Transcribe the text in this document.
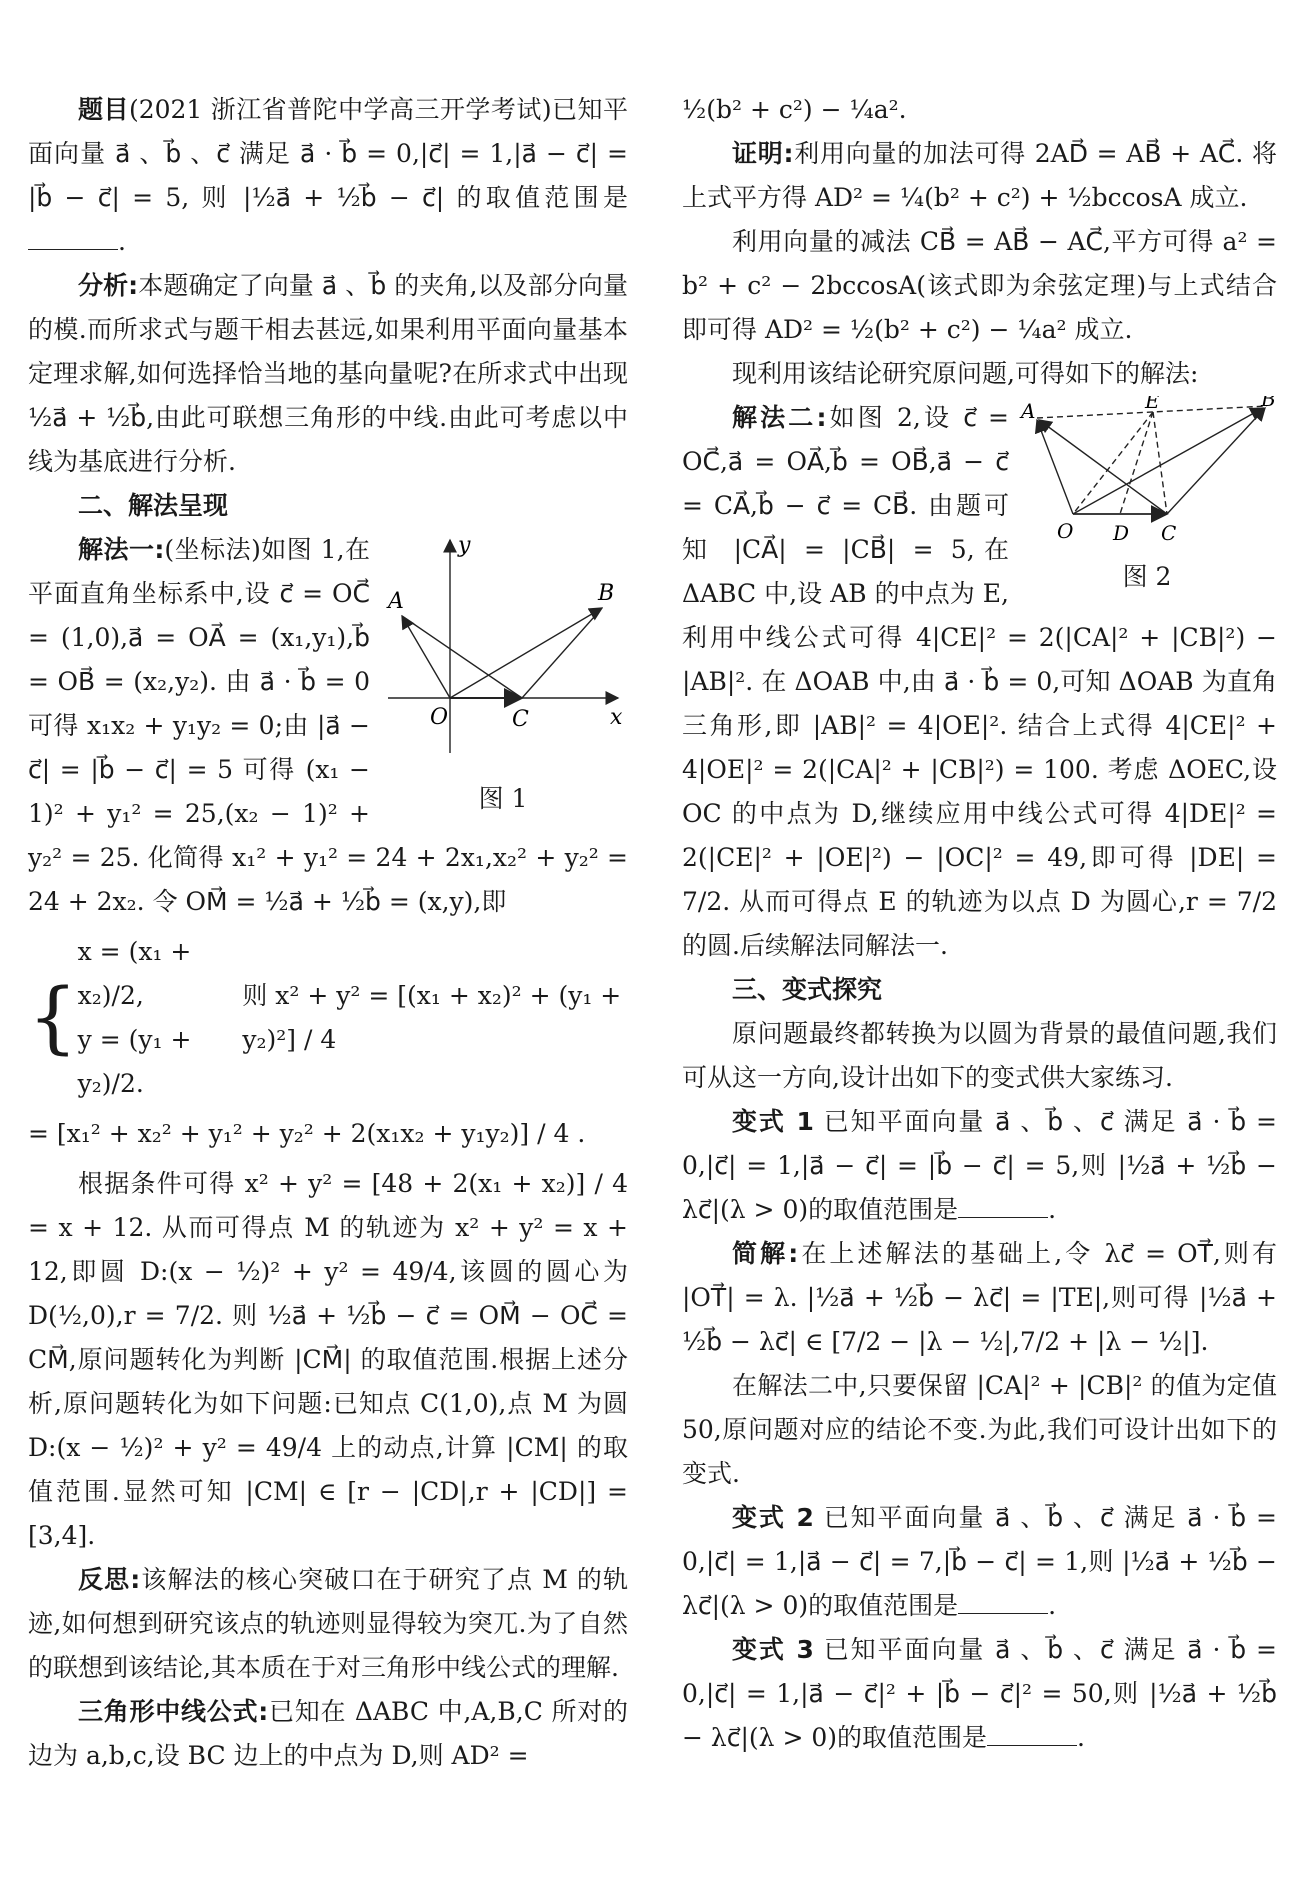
题目(2021 浙江省普陀中学高三开学考试)已知平面向量 a⃗ 、b⃗ 、c⃗ 满足 a⃗ · b⃗ = 0,|c⃗| = 1,|a⃗ − c⃗| = |b⃗ − c⃗| = 5, 则 |½a⃗ + ½b⃗ − c⃗| 的取值范围是.

分析:本题确定了向量 a⃗ 、b⃗ 的夹角,以及部分向量的模.而所求式与题干相去甚远,如果利用平面向量基本定理求解,如何选择恰当地的基向量呢?在所求式中出现 ½a⃗ + ½b⃗,由此可联想三角形的中线.由此可考虑以中线为基底进行分析.

二、解法呈现

y
x
A	B
O	C
图 1

解法一:(坐标法)如图 1,在平面直角坐标系中,设 c⃗ = OC⃗ = (1,0),a⃗ = OA⃗ = (x₁,y₁),b⃗ = OB⃗ = (x₂,y₂). 由 a⃗ · b⃗ = 0 可得 x₁x₂ + y₁y₂ = 0;由 |a⃗ − c⃗| = |b⃗ − c⃗| = 5 可得 (x₁ − 1)² + y₁² = 25,(x₂ − 1)² + y₂² = 25. 化简得 x₁² + y₁² = 24 + 2x₁,x₂² + y₂² = 24 + 2x₂. 令 OM⃗ = ½a⃗ + ½b⃗ = (x,y),即

{
x = (x₁ + x₂)/2,
y = (y₁ + y₂)/2.
则 x² + y² = [(x₁ + x₂)² + (y₁ + y₂)²] / 4

= [x₁² + x₂² + y₁² + y₂² + 2(x₁x₂ + y₁y₂)] / 4 .

根据条件可得 x² + y² = [48 + 2(x₁ + x₂)] / 4 = x + 12. 从而可得点 M 的轨迹为 x² + y² = x + 12,即圆 D:(x − ½)² + y² = 49/4,该圆的圆心为 D(½,0),r = 7/2. 则 ½a⃗ + ½b⃗ − c⃗ = OM⃗ − OC⃗ = CM⃗,原问题转化为判断 |CM⃗| 的取值范围.根据上述分析,原问题转化为如下问题:已知点 C(1,0),点 M 为圆 D:(x − ½)² + y² = 49/4 上的动点,计算 |CM| 的取值范围.显然可知 |CM| ∈ [r − |CD|,r + |CD|] = [3,4].

反思:该解法的核心突破口在于研究了点 M 的轨迹,如何想到研究该点的轨迹则显得较为突兀.为了自然的联想到该结论,其本质在于对三角形中线公式的理解.

三角形中线公式:已知在 ΔABC 中,A,B,C 所对的边为 a,b,c,设 BC 边上的中点为 D,则 AD² =

½(b² + c²) − ¼a².

证明:利用向量的加法可得 2AD⃗ = AB⃗ + AC⃗. 将上式平方得 AD² = ¼(b² + c²) + ½bccosA 成立.

利用向量的减法 CB⃗ = AB⃗ − AC⃗,平方可得 a² = b² + c² − 2bccosA(该式即为余弦定理)与上式结合即可得 AD² = ½(b² + c²) − ¼a² 成立.

现利用该结论研究原问题,可得如下的解法:

A	E	B
O D C
图 2

解法二:如图 2,设 c⃗ = OC⃗,a⃗ = OA⃗,b⃗ = OB⃗,a⃗ − c⃗ = CA⃗,b⃗ − c⃗ = CB⃗. 由题可知 |CA⃗| = |CB⃗| = 5,在 ΔABC 中,设 AB 的中点为 E,利用中线公式可得 4|CE|² = 2(|CA|² + |CB|²) − |AB|². 在 ΔOAB 中,由 a⃗ · b⃗ = 0,可知 ΔOAB 为直角三角形,即 |AB|² = 4|OE|². 结合上式得 4|CE|² + 4|OE|² = 2(|CA|² + |CB|²) = 100. 考虑 ΔOEC,设 OC 的中点为 D,继续应用中线公式可得 4|DE|² = 2(|CE|² + |OE|²) − |OC|² = 49,即可得 |DE| = 7/2. 从而可得点 E 的轨迹为以点 D 为圆心,r = 7/2 的圆.后续解法同解法一.

三、变式探究

原问题最终都转换为以圆为背景的最值问题,我们可从这一方向,设计出如下的变式供大家练习.

变式 1 已知平面向量 a⃗ 、b⃗ 、c⃗ 满足 a⃗ · b⃗ = 0,|c⃗| = 1,|a⃗ − c⃗| = |b⃗ − c⃗| = 5,则 |½a⃗ + ½b⃗ − λc⃗|(λ > 0)的取值范围是	.

简解:在上述解法的基础上,令 λc⃗ = OT⃗,则有 |OT⃗| = λ. |½a⃗ + ½b⃗ − λc⃗| = |TE|,则可得 |½a⃗ + ½b⃗ − λc⃗| ∈ [7/2 − |λ − ½|,7/2 + |λ − ½|].

在解法二中,只要保留 |CA|² + |CB|² 的值为定值 50,原问题对应的结论不变.为此,我们可设计出如下的变式.

变式 2 已知平面向量 a⃗ 、b⃗ 、c⃗ 满足 a⃗ · b⃗ = 0,|c⃗| = 1,|a⃗ − c⃗| = 7,|b⃗ − c⃗| = 1,则 |½a⃗ + ½b⃗ − λc⃗|(λ > 0)的取值范围是	.

变式 3 已知平面向量 a⃗ 、b⃗ 、c⃗ 满足 a⃗ · b⃗ = 0,|c⃗| = 1,|a⃗ − c⃗|² + |b⃗ − c⃗|² = 50,则 |½a⃗ + ½b⃗ − λc⃗|(λ > 0)的取值范围是	.
